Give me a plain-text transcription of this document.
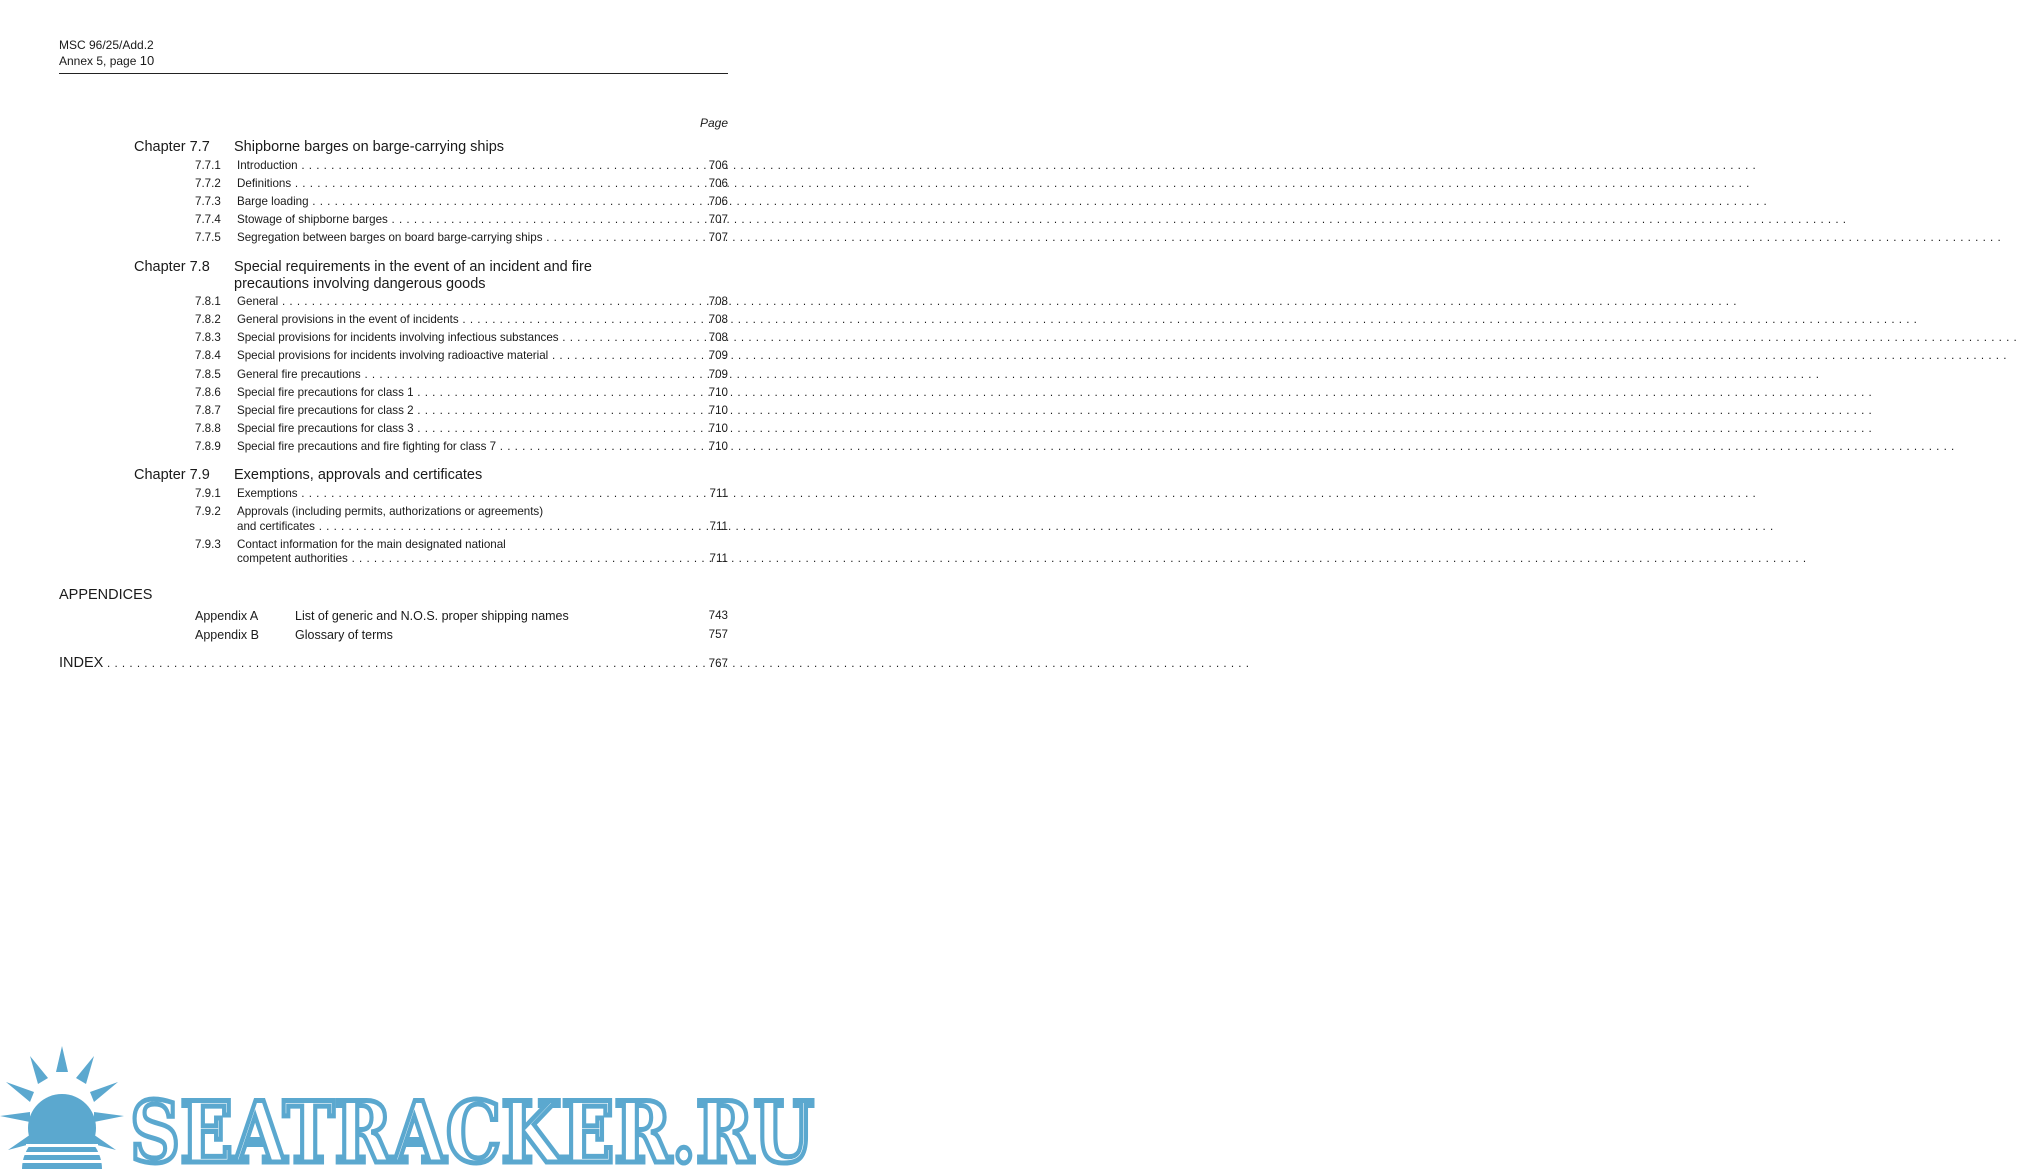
MSC 96/25/Add.2
Annex 5, page 10
Page
Chapter 7.7 Shipborne barges on barge-carrying ships
7.7.1 Introduction . . .	706
7.7.2 Definitions . . .	706
7.7.3 Barge loading . . .	706
7.7.4 Stowage of shipborne barges . . .	707
7.7.5 Segregation between barges on board barge-carrying ships . . .	707
Chapter 7.8 Special requirements in the event of an incident and fire
precautions involving dangerous goods
7.8.1 General . . .	708
7.8.2 General provisions in the event of incidents . . .	708
7.8.3 Special provisions for incidents involving infectious substances . . .	708
7.8.4 Special provisions for incidents involving radioactive material . . .	709
7.8.5 General fire precautions . . .	709
7.8.6 Special fire precautions for class 1 . . .	710
7.8.7 Special fire precautions for class 2 . . .	710
7.8.8 Special fire precautions for class 3 . . .	710
7.8.9 Special fire precautions and fire fighting for class 7 . . .	710
Chapter 7.9 Exemptions, approvals and certificates
7.9.1 Exemptions . . .	711
7.9.2 Approvals (including permits, authorizations or agreements)
and certificates . . .	711
7.9.3 Contact information for the main designated national
competent authorities . . .	711
APPENDICES
Appendix A	List of generic and N.O.S. proper shipping names	743
Appendix B	Glossary of terms	757
INDEX . . .	767
SEATRACKER.RU
